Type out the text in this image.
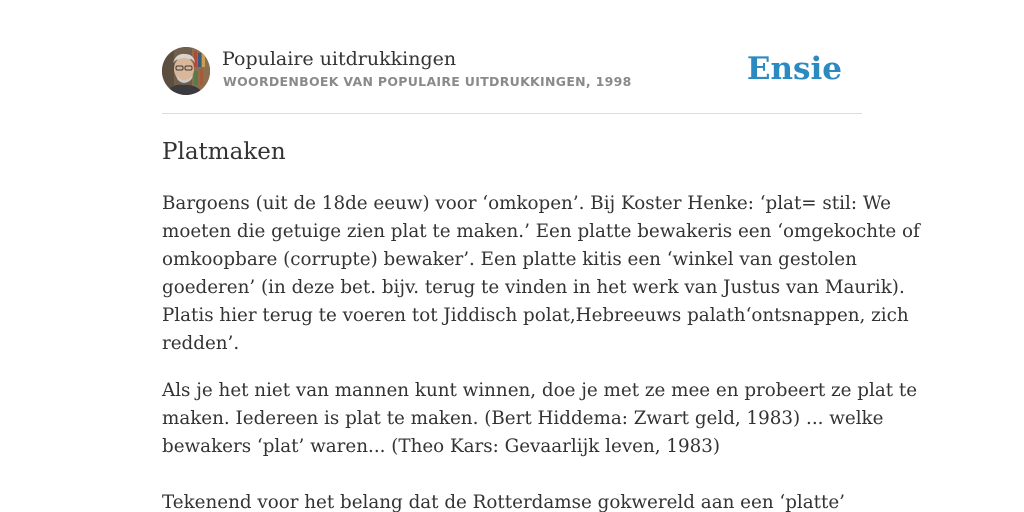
Populaire uitdrukkingen
WOORDENBOEK VAN POPULAIRE UITDRUKKINGEN, 1998	Ensie
Platmaken
Bargoens (uit de 18de eeuw) voor ‘omkopen’. Bij Koster Henke: ‘plat= stil: We
moeten die getuige zien plat te maken.’ Een platte bewakeris een ‘omgekochte of
omkoopbare (corrupte) bewaker’. Een platte kitis een ‘winkel van gestolen
goederen’ (in deze bet. bijv. terug te vinden in het werk van Justus van Maurik).
Platis hier terug te voeren tot Jiddisch polat,Hebreeuws palath‘ontsnappen, zich
redden’.
Als je het niet van mannen kunt winnen, doe je met ze mee en probeert ze plat te
maken. Iedereen is plat te maken. (Bert Hiddema: Zwart geld, 1983) ... welke
bewakers ‘plat’ waren... (Theo Kars: Gevaarlijk leven, 1983)
Tekenend voor het belang dat de Rotterdamse gokwereld aan een ‘platte’
